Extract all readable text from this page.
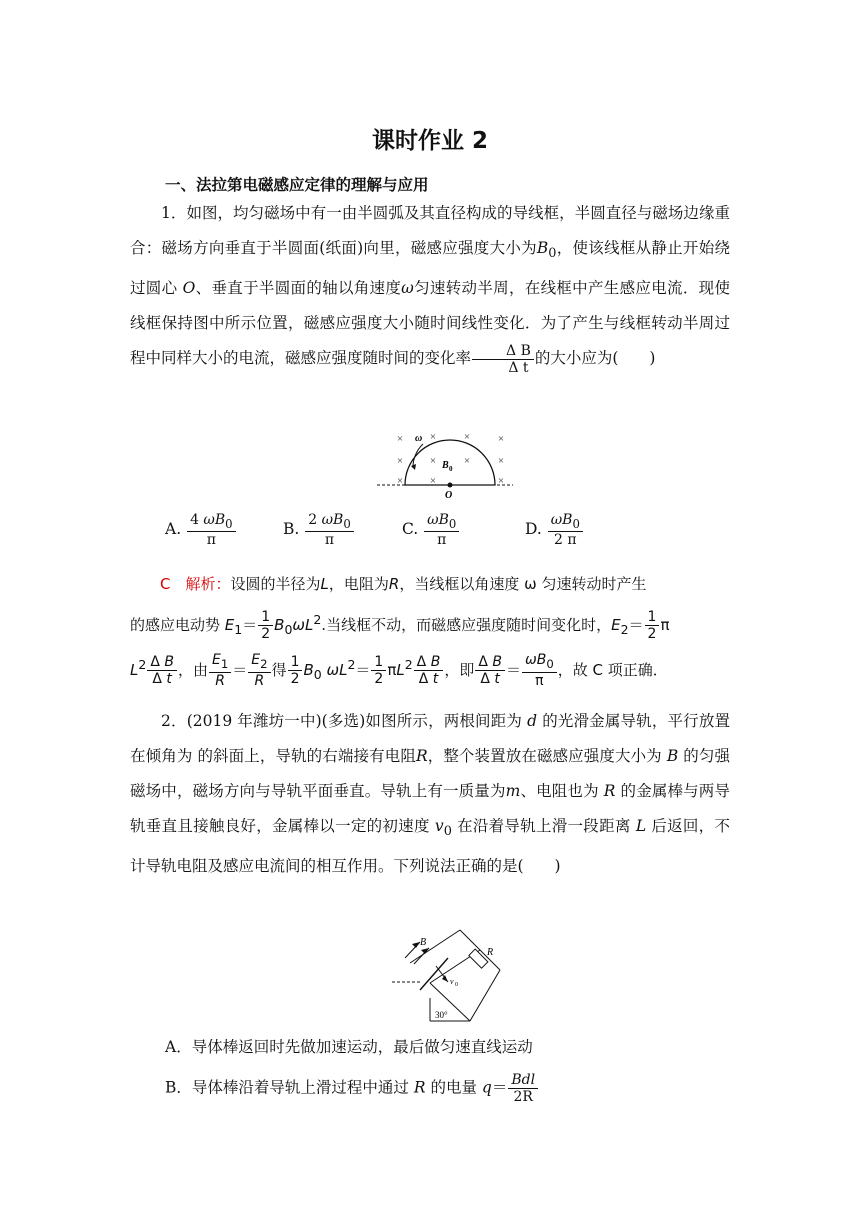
课时作业 2
一、法拉第电磁感应定律的理解与应用

1．如图，均匀磁场中有一由半圆弧及其直径构成的导线框，半圆直径与磁场边缘重合：磁场方向垂直于半圆面(纸面)向里，磁感应强度大小为$B_0$，使该线框从静止开始绕过圆心 O、垂直于半圆面的轴以角速度ω匀速转动半周，在线框中产生感应电流．现使线框保持图中所示位置，磁感应强度大小随时间线性变化．为了产生与线框转动半周过程中同样大小的电流，磁感应强度随时间的变化率 $\frac{\text{Δ B}}{\text{Δ t}}$ 的大小应为(　　)

× ×	×	×
× ×	×	×
× ×	×
ω
B 0
O
A. $\frac{4 \omega B_0}{\pi}$	B. $\frac{2 \omega B_0}{\pi}$	C. $\frac{\omega B_0}{\pi}$	D. $\frac{\omega B_0}{2 \pi}$

C　 解析：设圆的半径为L，电阻为R，当线框以角速度 ω 匀速转动时产生

的感应电动势 $E_1= \frac{1}{2} B_0\omega L^2$.当线框不动，而磁感应强度随时间变化时，$E_2= \frac{1}{2}$ π

$L^2 \frac{\text{Δ B}}{\text{Δ t}}$ ，由 $\frac{E_1}{R} = \frac{E_2}{R}$ 得 $\frac{1}{2} B_0$ $\omega L^2= \frac{1}{2} \pi L^2 \frac{\text{Δ B}}{\text{Δ t}}$ ，即 $\frac{\text{Δ B}}{\text{Δ t}} = \frac{\omega B_0}{\pi}$ ，故 C 项正确．

2．(2019 年潍坊一中)(多选)如图所示，两根间距为 d 的光滑金属导轨，平行放置在倾角为 的斜面上，导轨的右端接有电阻R，整个装置放在磁感应强度大小为 B 的匀强磁场中，磁场方向与导轨平面垂直。导轨上有一质量为m、电阻也为 R 的金属棒与两导轨垂直且接触良好，金属棒以一定的初速度 $v_0$ 在沿着导轨上滑一段距离 L 后返回，不计导轨电阻及感应电流间的相互作用。下列说法正确的是(　　)

R
B
v 0
30°
A．导体棒返回时先做加速运动，最后做匀速直线运动
B．导体棒沿着导轨上滑过程中通过 R 的电量 $q= \frac{\text{Bdl}}{2R}$
